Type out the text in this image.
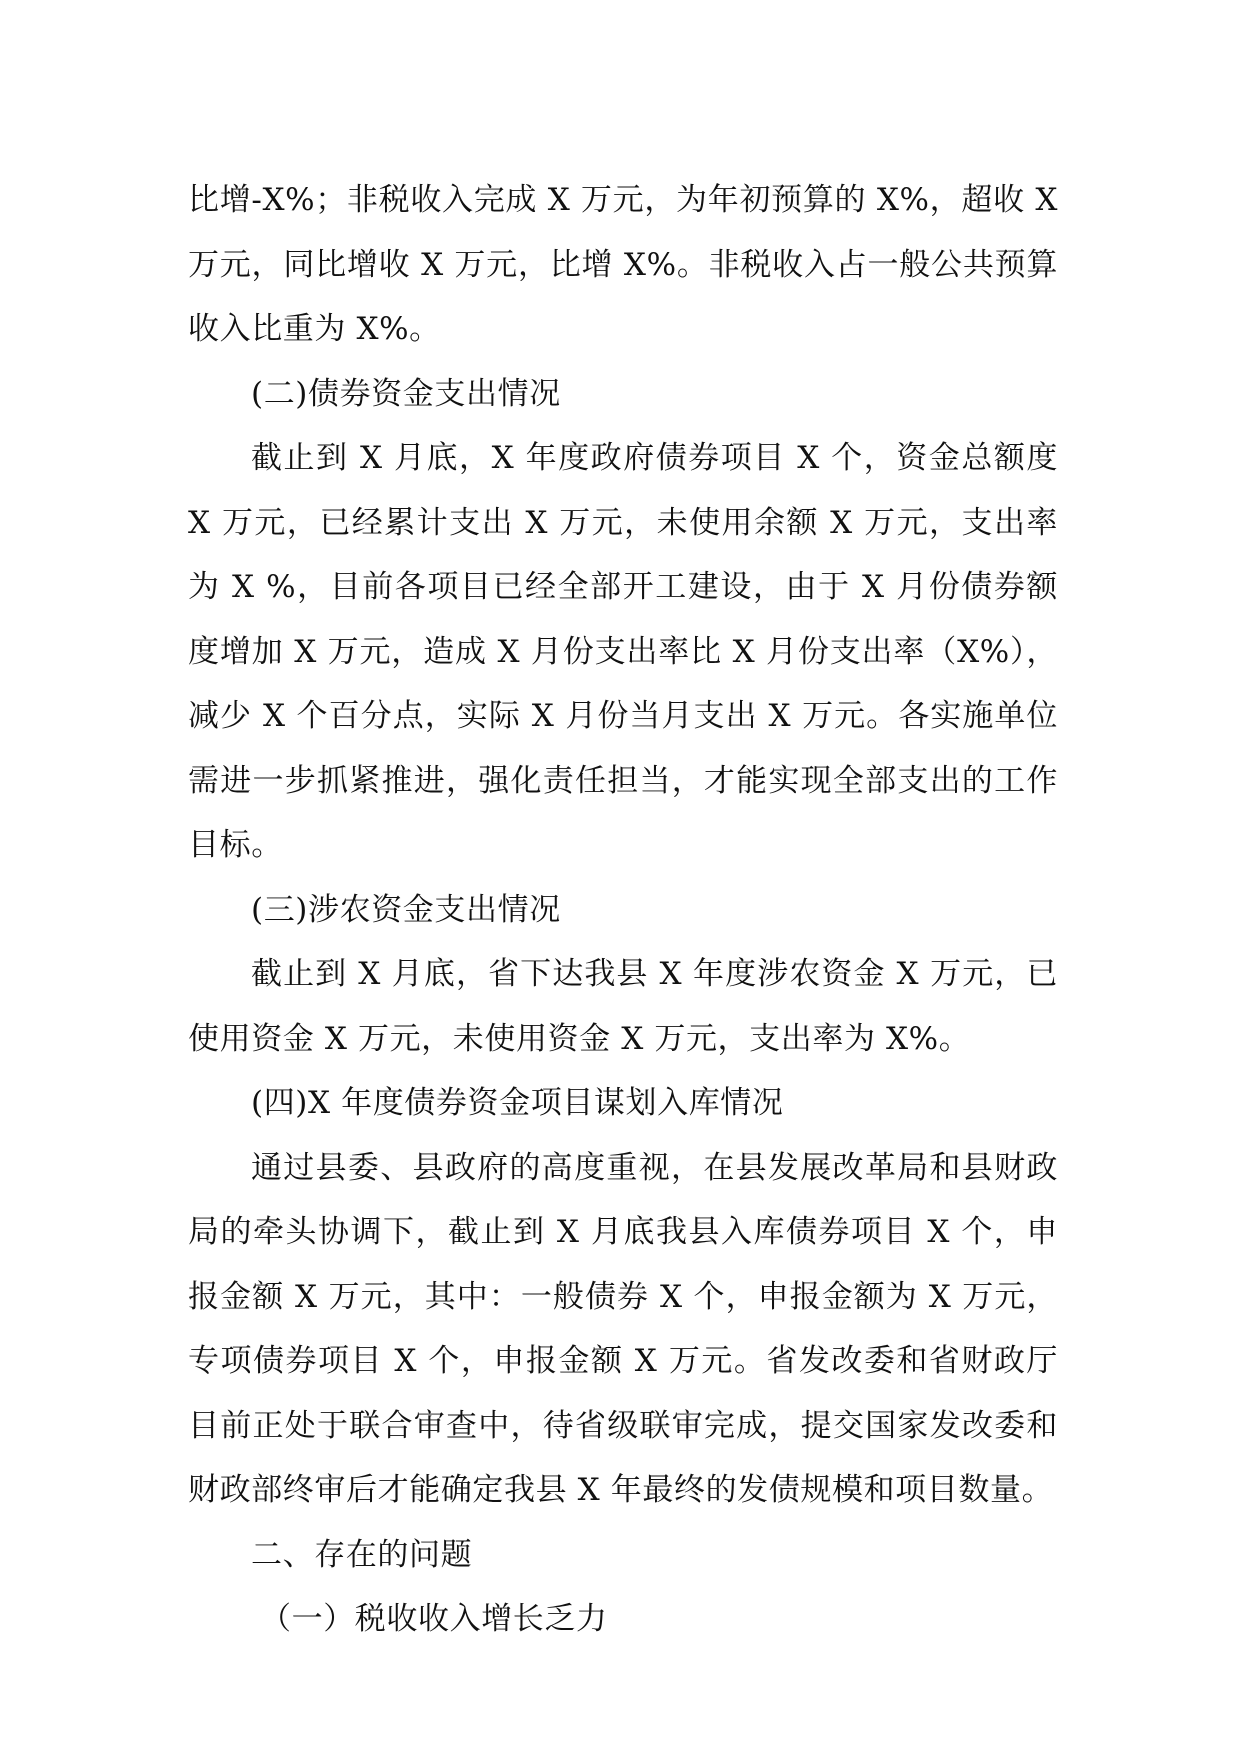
比增-X%；非税收入完成 X 万元，为年初预算的 X%，超收 X 万元，同比增收 X 万元，比增 X%。非税收入占一般公共预算收入比重为 X%。

(二)债券资金支出情况

截止到 X 月底，X 年度政府债券项目 X 个，资金总额度 X 万元，已经累计支出 X 万元，未使用余额 X 万元，支出率为 X %，目前各项目已经全部开工建设，由于 X 月份债券额度增加 X 万元，造成 X 月份支出率比 X 月份支出率（X%），减少 X 个百分点，实际 X 月份当月支出 X 万元。各实施单位需进一步抓紧推进，强化责任担当，才能实现全部支出的工作目标。

(三)涉农资金支出情况

截止到 X 月底，省下达我县 X 年度涉农资金 X 万元，已使用资金 X 万元，未使用资金 X 万元，支出率为 X%。

(四)X 年度债券资金项目谋划入库情况

通过县委、县政府的高度重视，在县发展改革局和县财政局的牵头协调下，截止到 X 月底我县入库债券项目 X 个，申报金额 X 万元，其中：一般债券 X 个，申报金额为 X 万元，专项债券项目 X 个，申报金额 X 万元。省发改委和省财政厅目前正处于联合审查中，待省级联审完成，提交国家发改委和财政部终审后才能确定我县 X 年最终的发债规模和项目数量。

二、存在的问题

（一）税收收入增长乏力
